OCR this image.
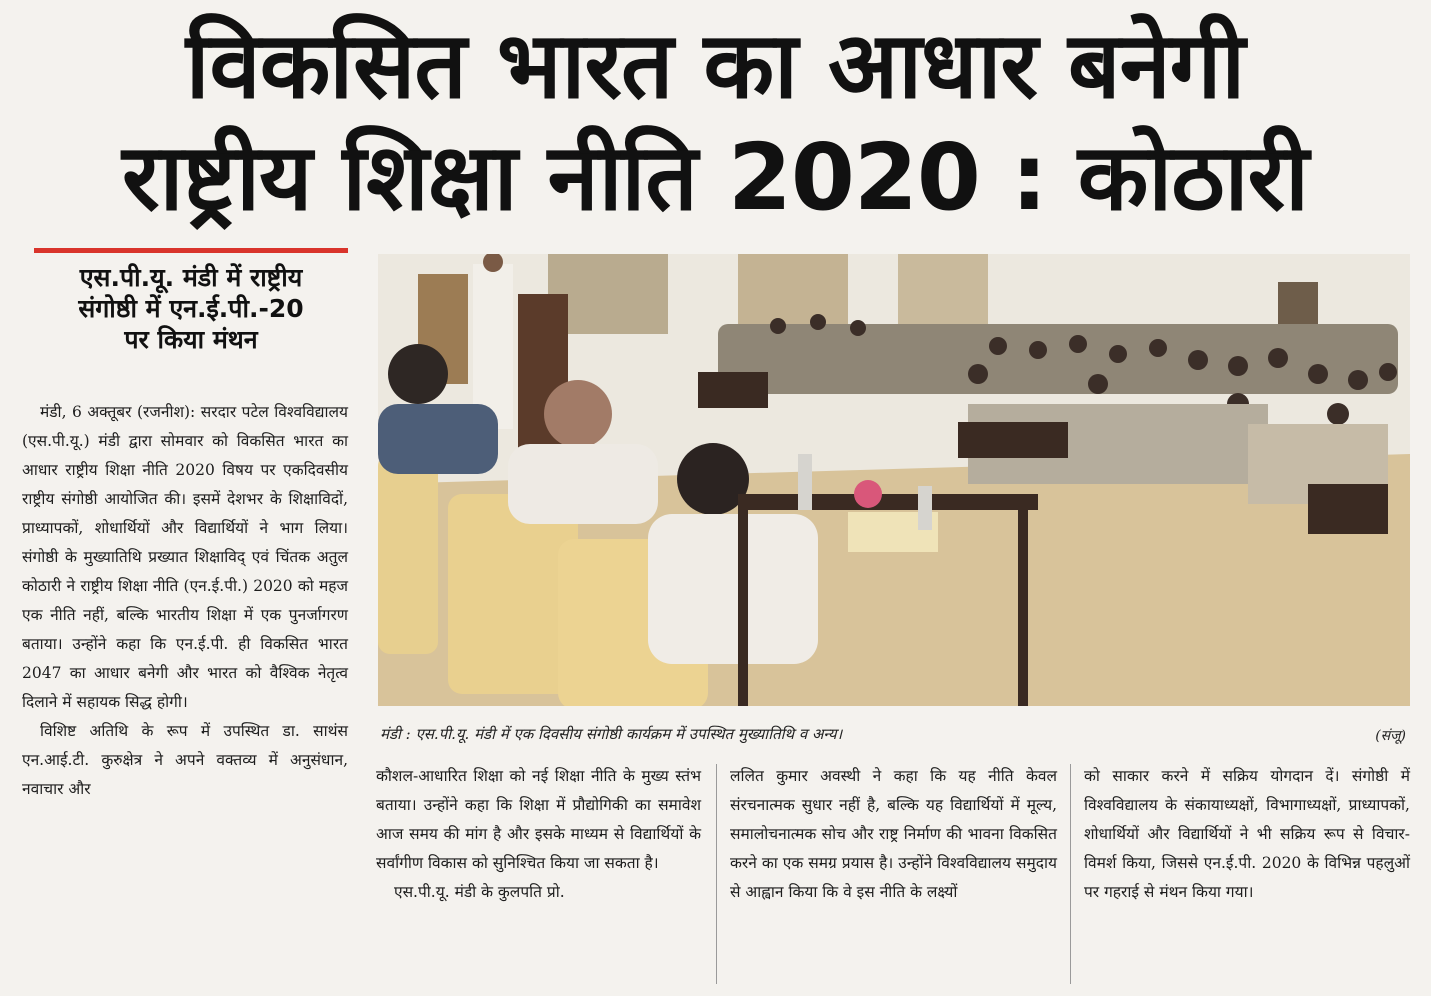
विकसित भारत का आधार बनेगी
राष्ट्रीय शिक्षा नीति 2020 : कोठारी
एस.पी.यू. मंडी में राष्ट्रीय
संगोष्ठी में एन.ई.पी.-20
पर किया मंथन

मंडी, 6 अक्तूबर (रजनीश): सरदार पटेल विश्वविद्यालय (एस.पी.यू.) मंडी द्वारा सोमवार को विकसित भारत का आधार राष्ट्रीय शिक्षा नीति 2020 विषय पर एकदिवसीय राष्ट्रीय संगोष्ठी आयोजित की। इसमें देशभर के शिक्षाविदों, प्राध्यापकों, शोधार्थियों और विद्यार्थियों ने भाग लिया। संगोष्ठी के मुख्यातिथि प्रख्यात शिक्षाविद् एवं चिंतक अतुल कोठारी ने राष्ट्रीय शिक्षा नीति (एन.ई.पी.) 2020 को महज एक नीति नहीं, बल्कि भारतीय शिक्षा में एक पुनर्जागरण बताया। उन्होंने कहा कि एन.ई.पी. ही विकसित भारत 2047 का आधार बनेगी और भारत को वैश्विक नेतृत्व दिलाने में सहायक सिद्ध होगी।

विशिष्ट अतिथि के रूप में उपस्थित डा. साथंस एन.आई.टी. कुरुक्षेत्र ने अपने वक्तव्य में अनुसंधान, नवाचार और

मंडी : एस.पी.यू. मंडी में एक दिवसीय संगोष्ठी कार्यक्रम में उपस्थित मुख्यातिथि व अन्य।	(संजू)

कौशल-आधारित शिक्षा को नई शिक्षा नीति के मुख्य स्तंभ बताया। उन्होंने कहा कि शिक्षा में प्रौद्योगिकी का समावेश आज समय की मांग है और इसके माध्यम से विद्यार्थियों के सर्वांगीण विकास को सुनिश्चित किया जा सकता है।

एस.पी.यू. मंडी के कुलपति प्रो.

ललित कुमार अवस्थी ने कहा कि यह नीति केवल संरचनात्मक सुधार नहीं है, बल्कि यह विद्यार्थियों में मूल्य, समालोचनात्मक सोच और राष्ट्र निर्माण की भावना विकसित करने का एक समग्र प्रयास है। उन्होंने विश्वविद्यालय समुदाय से आह्वान किया कि वे इस नीति के लक्ष्यों

को साकार करने में सक्रिय योगदान दें। संगोष्ठी में विश्वविद्यालय के संकायाध्यक्षों, विभागाध्यक्षों, प्राध्यापकों, शोधार्थियों और विद्यार्थियों ने भी सक्रिय रूप से विचार-विमर्श किया, जिससे एन.ई.पी. 2020 के विभिन्न पहलुओं पर गहराई से मंथन किया गया।
